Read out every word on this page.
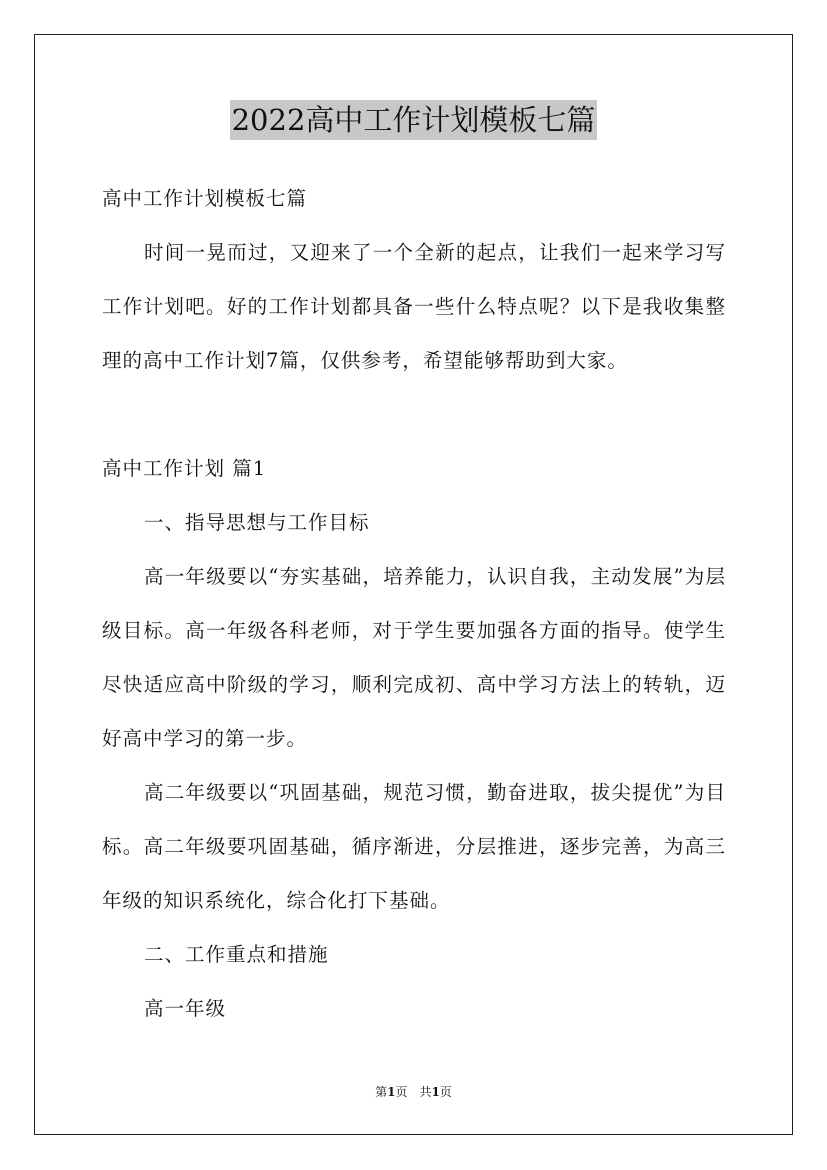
2022高中工作计划模板七篇

高中工作计划模板七篇

时间一晃而过，又迎来了一个全新的起点，让我们一起来学习写工作计划吧。好的工作计划都具备一些什么特点呢？以下是我收集整理的高中工作计划7篇，仅供参考，希望能够帮助到大家。

高中工作计划 篇1

一、指导思想与工作目标

高一年级要以“夯实基础，培养能力，认识自我，主动发展”为层级目标。高一年级各科老师，对于学生要加强各方面的指导。使学生尽快适应高中阶级的学习，顺利完成初、高中学习方法上的转轨，迈好高中学习的第一步。

高二年级要以“巩固基础，规范习惯，勤奋进取，拔尖提优”为目标。高二年级要巩固基础，循序渐进，分层推进，逐步完善，为高三年级的知识系统化，综合化打下基础。

二、工作重点和措施

高一年级

第1页　共1页
